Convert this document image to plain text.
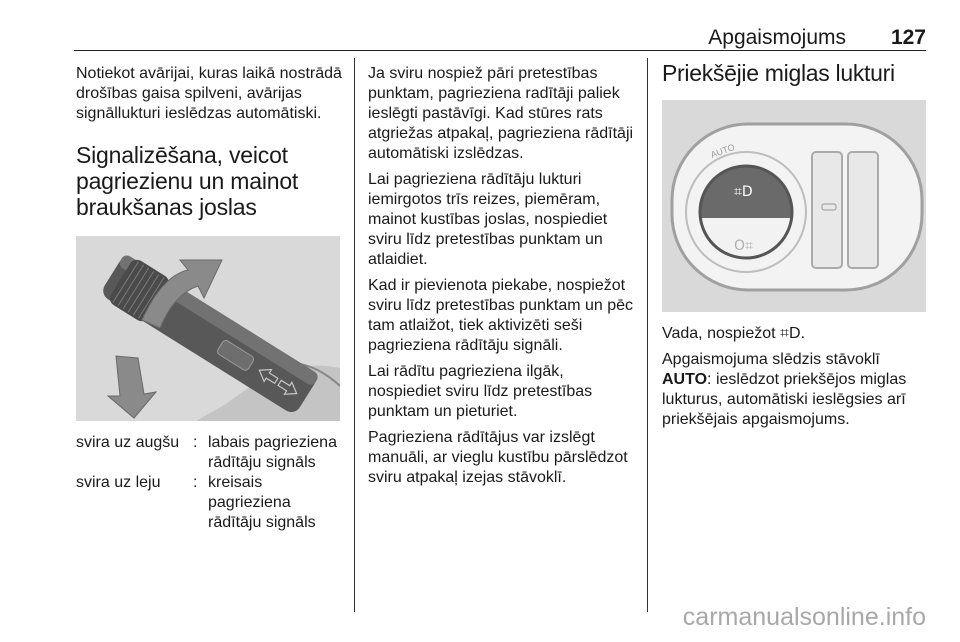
Apgaismojums 127

Notiekot avārijai, kuras laikā nostrādā drošības gaisa spilveni, avārijas signāllukturi ieslēdzas automātiski.

Signalizēšana, veicot pagriezienu un mainot braukšanas joslas
svira uz augšu : labais pagrieziena rādītāju signāls
svira uz leju	: kreisais pagrieziena rādītāju signāls

Ja sviru nospiež pāri pretestības punktam, pagrieziena radītāji paliek ieslēgti pastāvīgi. Kad stūres rats atgriežas atpakaļ, pagrieziena rādītāji automātiski izslēdzas.

Lai pagrieziena rādītāju lukturi iemirgotos trīs reizes, piemēram, mainot kustības joslas, nospiediet sviru līdz pretestības punktam un atlaidiet.

Kad ir pievienota piekabe, nospiežot sviru līdz pretestības punktam un pēc tam atlaižot, tiek aktivizēti seši pagrieziena rādītāju signāli.

Lai rādītu pagrieziena ilgāk, nospiediet sviru līdz pretestības punktam un pieturiet.

Pagrieziena rādītājus var izslēgt manuāli, ar vieglu kustību pārslēdzot sviru atpakaļ izejas stāvoklī.

Priekšējie miglas lukturi
AUTO
⌗D
O⌗

Vada, nospiežot ⌗D.

Apgaismojuma slēdzis stāvoklī AUTO: ieslēdzot priekšējos miglas lukturus, automātiski ieslēgsies arī priekšējais apgaismojums.

carmanualsonline.info
